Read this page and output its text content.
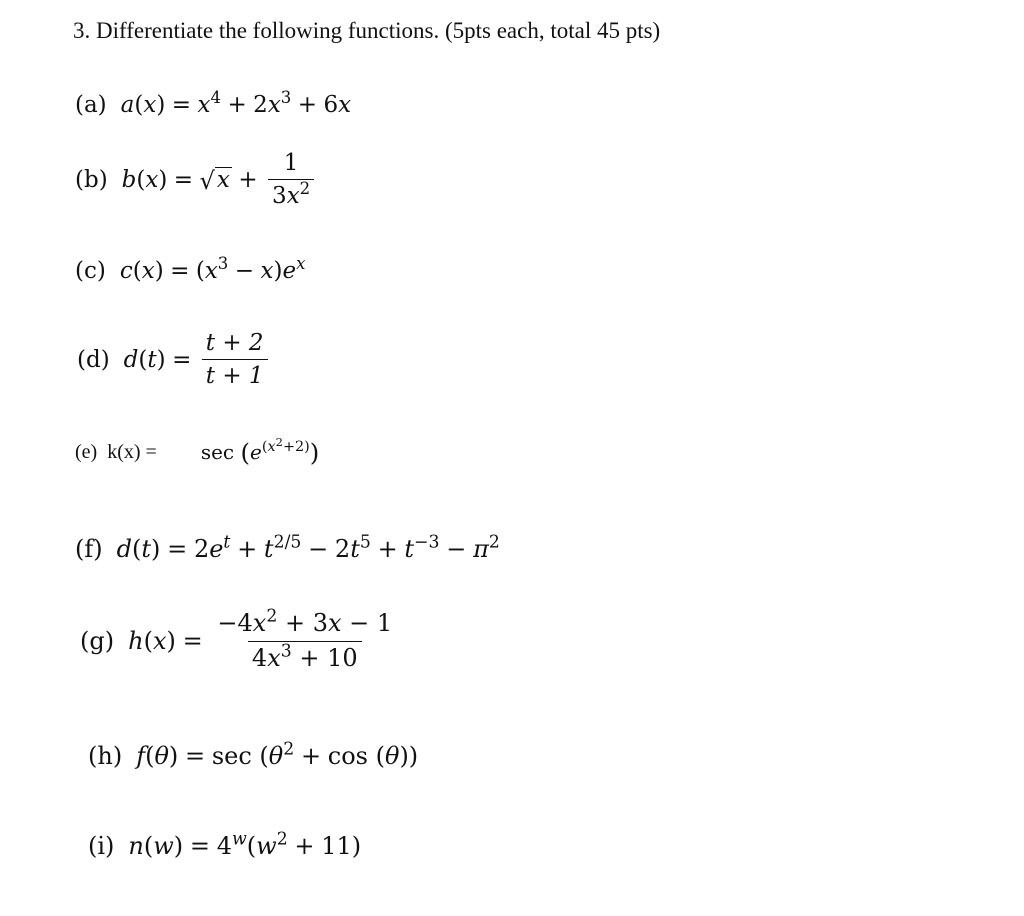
3. Differentiate the following functions. (5pts each, total 45 pts)
(a) $a(x) = x^4 + 2x^3 + 6x$
(b) b ( x ) = √ $x + \frac{1}{3x^2}$
(c) $c(x) = (x^3 - x)e^x$
(d) d ( t ) = $\frac{t + 2}{t + 1}$
(e) $k(x) = \sec (e^{(x^2+2)})$
(f) $d(t) = 2e^t + t^{2/5} - 2t^5 + t^{-3} - \pi^2$
(g) h ( x ) = $\frac{-4x^2 + 3x - 1}{4x^3 + 10}$
(h) $f(\theta) = \sec (\theta^2 + \cos (\theta))$
(i) $n(w) = 4^w(w^2 + 11)$
